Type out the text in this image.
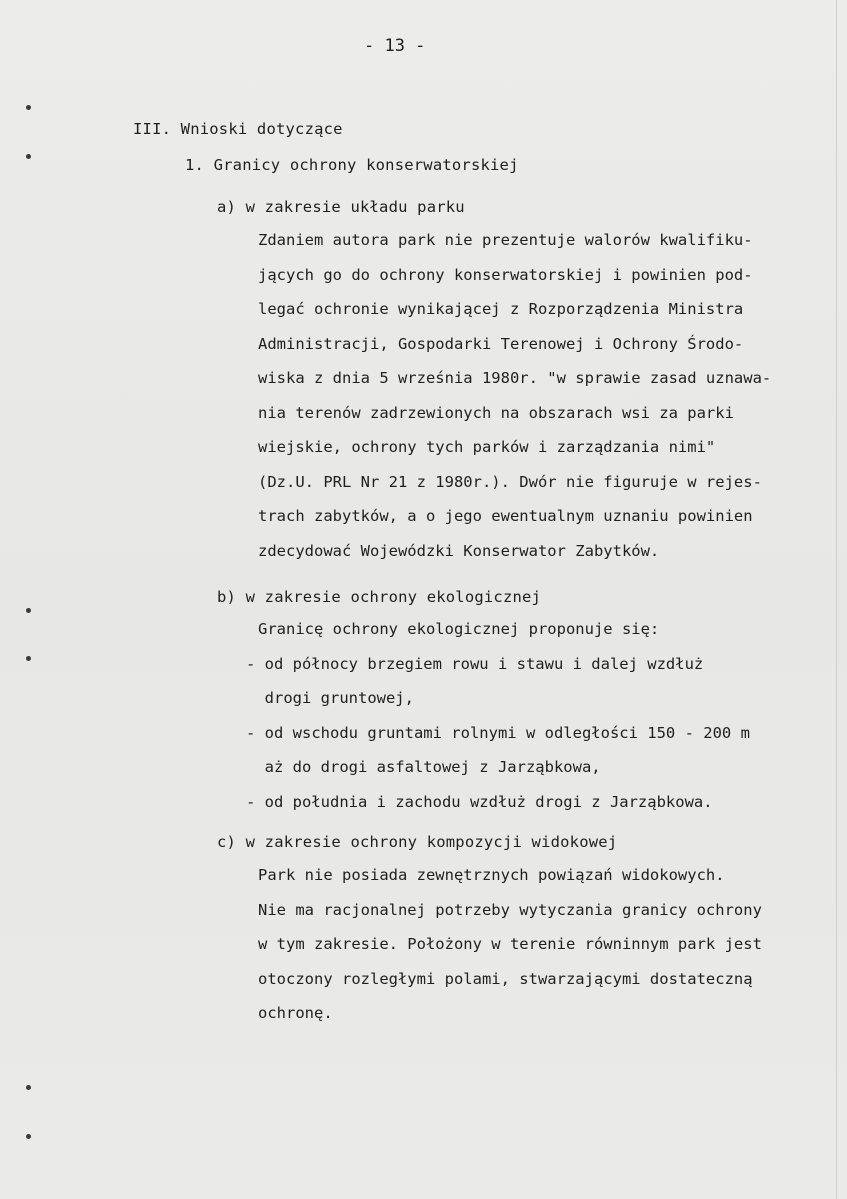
- 13 -
III. Wnioski dotyczące
1. Granicy ochrony konserwatorskiej
a) w zakresie układu parku
Zdaniem autora park nie prezentuje walorów kwalifiku-
jących go do ochrony konserwatorskiej i powinien pod-
legać ochronie wynikającej z Rozporządzenia Ministra
Administracji, Gospodarki Terenowej i Ochrony Środo-
wiska z dnia 5 września 1980r. "w sprawie zasad uznawa-
nia terenów zadrzewionych na obszarach wsi za parki
wiejskie, ochrony tych parków i zarządzania nimi"
(Dz.U. PRL Nr 21 z 1980r.). Dwór nie figuruje w rejes-
trach zabytków, a o jego ewentualnym uznaniu powinien
zdecydować Wojewódzki Konserwator Zabytków.
b) w zakresie ochrony ekologicznej
Granicę ochrony ekologicznej proponuje się:
- od północy brzegiem rowu i stawu i dalej wzdłuż
drogi gruntowej,
- od wschodu gruntami rolnymi w odległości 150 - 200 m
aż do drogi asfaltowej z Jarząbkowa,
- od południa i zachodu wzdłuż drogi z Jarząbkowa.
c) w zakresie ochrony kompozycji widokowej
Park nie posiada zewnętrznych powiązań widokowych.
Nie ma racjonalnej potrzeby wytyczania granicy ochrony
w tym zakresie. Położony w terenie równinnym park jest
otoczony rozległymi polami, stwarzającymi dostateczną
ochronę.
